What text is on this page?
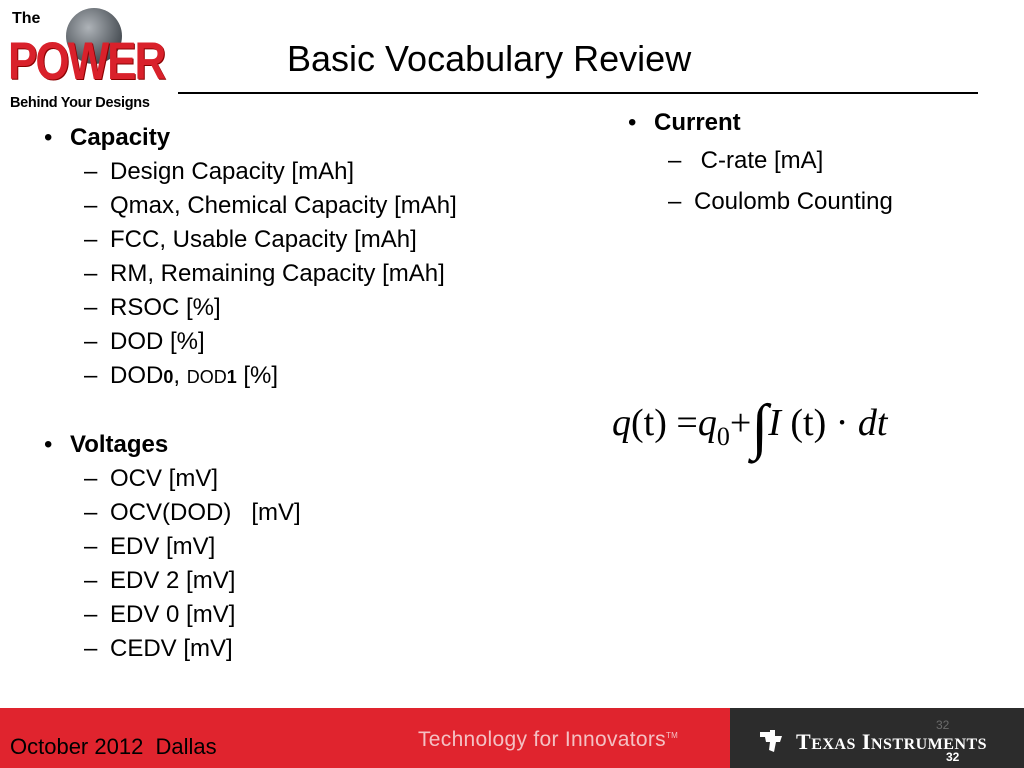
The
POWER
Behind Your Designs
Basic Vocabulary Review
• Capacity
– Design Capacity [mAh]
– Qmax, Chemical Capacity [mAh]
– FCC, Usable Capacity [mAh]
– RM, Remaining Capacity [mAh]
– RSOC [%]
– DOD [%]
– DOD0, DOD1 [%]
• Voltages
– OCV [mV]
– OCV(DOD)   [mV]
– EDV [mV]
– EDV 2 [mV]
– EDV 0 [mV]
– CEDV [mV]
• Current
–  C-rate [mA]
– Coulomb Counting
$q(t) =q_0+\int I$ (t) · dt
October 2012  Dallas	Technology for Innovators™	TEXAS INSTRUMENTS
32
32
